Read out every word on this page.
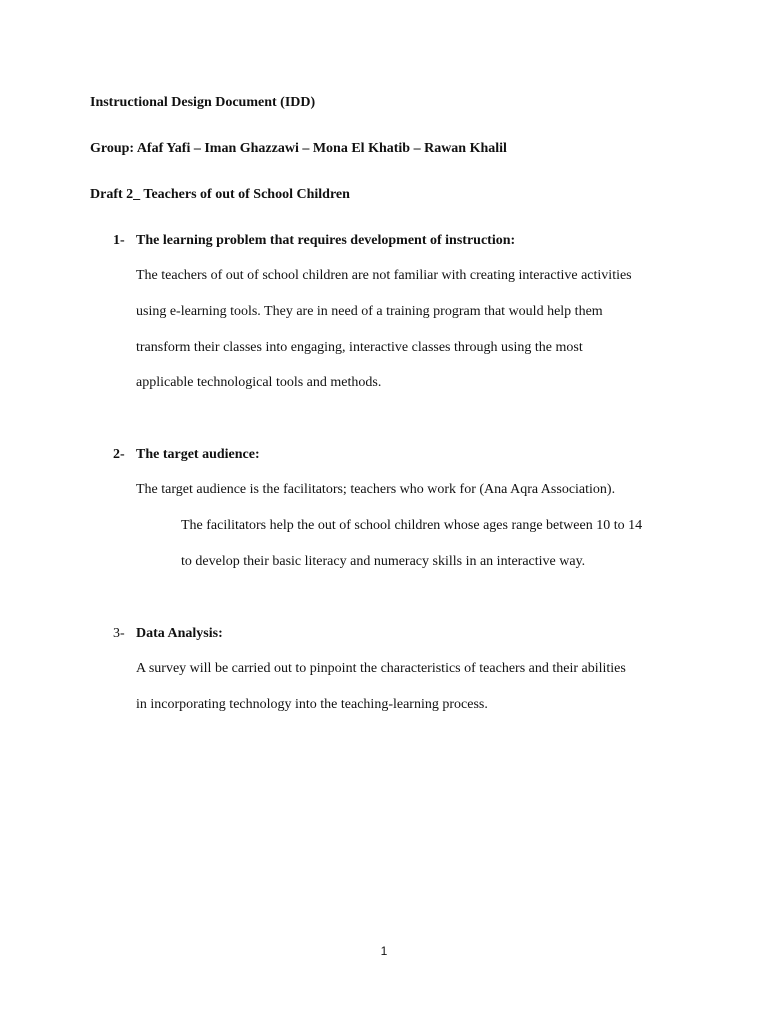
Instructional Design Document (IDD)
Group: Afaf Yafi – Iman Ghazzawi – Mona El Khatib – Rawan Khalil
Draft 2_ Teachers of out of School Children
1- The learning problem that requires development of instruction:
The teachers of out of school children are not familiar with creating interactive activities
using e-learning tools. They are in need of a training program that would help them
transform their classes into engaging, interactive classes through using the most
applicable technological tools and methods.
2- The target audience:
The target audience is the facilitators; teachers who work for (Ana Aqra Association).
The facilitators help the out of school children whose ages range between 10 to 14
to develop their basic literacy and numeracy skills in an interactive way.
3- Data Analysis:
A survey will be carried out to pinpoint the characteristics of teachers and their abilities
in incorporating technology into the teaching-learning process.
1
